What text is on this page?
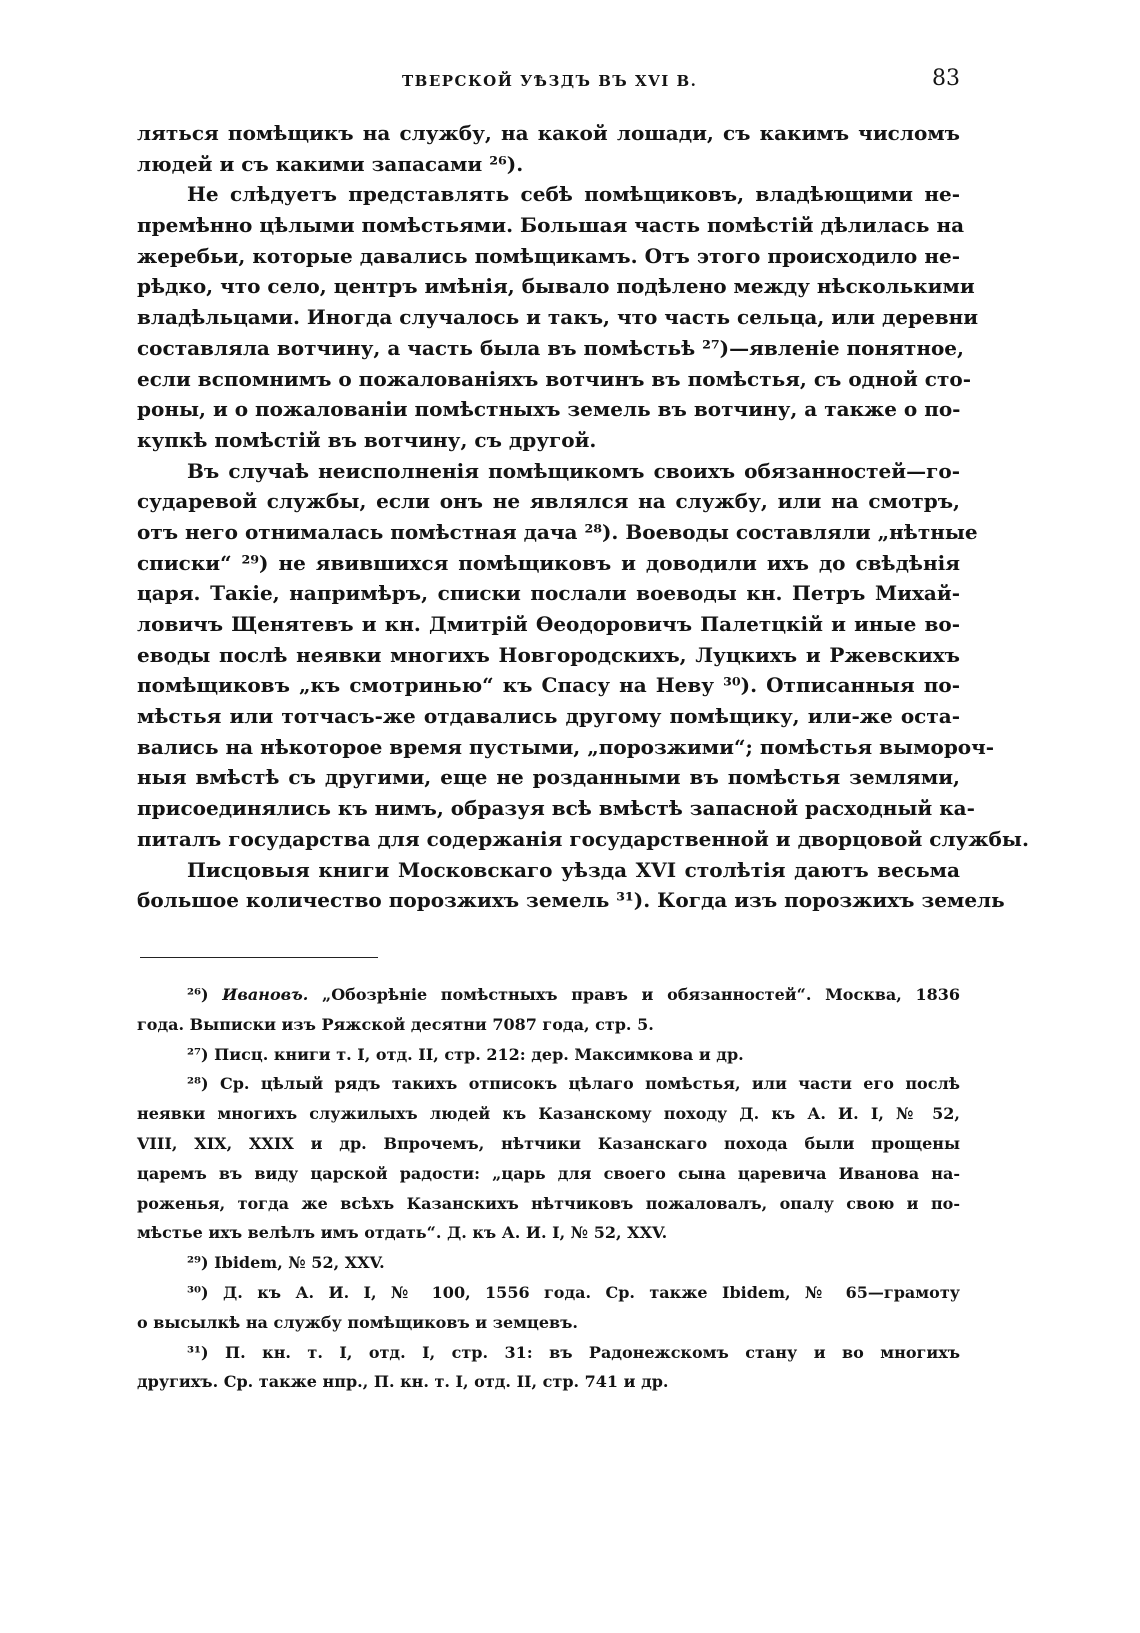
ТВЕРСКОЙ УѢЗДЪ ВЪ XVI В.	83
ляться помѣщикъ на службу, на какой лошади, съ какимъ числомъ
людей и съ какими запасами ²⁶).
Не слѣдуетъ представлять себѣ помѣщиковъ, владѣющими не-
премѣнно цѣлыми помѣстьями. Большая часть помѣстій дѣлилась на
жеребьи, которые давались помѣщикамъ. Отъ этого происходило не-
рѣдко, что село, центръ имѣнія, бывало подѣлено между нѣсколькими
владѣльцами. Иногда случалось и такъ, что часть сельца, или деревни
составляла вотчину, а часть была въ помѣстьѣ ²⁷)—явленіе понятное,
если вспомнимъ о пожалованіяхъ вотчинъ въ помѣстья, съ одной сто-
роны, и о пожалованіи помѣстныхъ земель въ вотчину, а также о по-
купкѣ помѣстій въ вотчину, съ другой.
Въ случаѣ неисполненія помѣщикомъ своихъ обязанностей—го-
сударевой службы, если онъ не являлся на службу, или на смотръ,
отъ него отнималась помѣстная дача ²⁸). Воеводы составляли „нѣтные
списки“ ²⁹) не явившихся помѣщиковъ и доводили ихъ до свѣдѣнія
царя. Такіе, напримѣръ, списки послали воеводы кн. Петръ Михай-
ловичъ Щенятевъ и кн. Дмитрій Ѳеодоровичъ Палетцкій и иные во-
еводы послѣ неявки многихъ Новгородскихъ, Луцкихъ и Ржевскихъ
помѣщиковъ „къ смотринью“ къ Спасу на Неву ³⁰). Отписанныя по-
мѣстья или тотчасъ-же отдавались другому помѣщику, или-же оста-
вались на нѣкоторое время пустыми, „порозжими“; помѣстья вымороч-
ныя вмѣстѣ съ другими, еще не розданными въ помѣстья землями,
присоединялись къ нимъ, образуя всѣ вмѣстѣ запасной расходный ка-
питалъ государства для содержанія государственной и дворцовой службы.
Писцовыя книги Московскаго уѣзда XVI столѣтія даютъ весьма
большое количество порозжихъ земель ³¹). Когда изъ порозжихъ земель
²⁶) Ивановъ. „Обозрѣніе помѣстныхъ правъ и обязанностей“. Москва, 1836
года. Выписки изъ Ряжской десятни 7087 года, стр. 5.
²⁷) Писц. книги т. I, отд. II, стр. 212: дер. Максимкова и др.
²⁸) Ср. цѣлый рядъ такихъ отписокъ цѣлаго помѣстья, или части его послѣ
неявки многихъ служилыхъ людей къ Казанскому походу Д. къ А. И. I, № 52,
VIII, XIX, XXIX и др. Впрочемъ, нѣтчики Казанскаго похода были прощены
царемъ въ виду царской радости: „царь для своего сына царевича Иванова на-
роженья, тогда же всѣхъ Казанскихъ нѣтчиковъ пожаловалъ, опалу свою и по-
мѣстье ихъ велѣлъ имъ отдать“. Д. къ А. И. I, № 52, XXV.
²⁹) Ibidem, № 52, XXV.
³⁰) Д. къ А. И. I, № 100, 1556 года. Ср. также Ibidem, № 65—грамоту
о высылкѣ на службу помѣщиковъ и земцевъ.
³¹) П. кн. т. I, отд. I, стр. 31: въ Радонежскомъ стану и во многихъ
другихъ. Ср. также нпр., П. кн. т. I, отд. II, стр. 741 и др.
